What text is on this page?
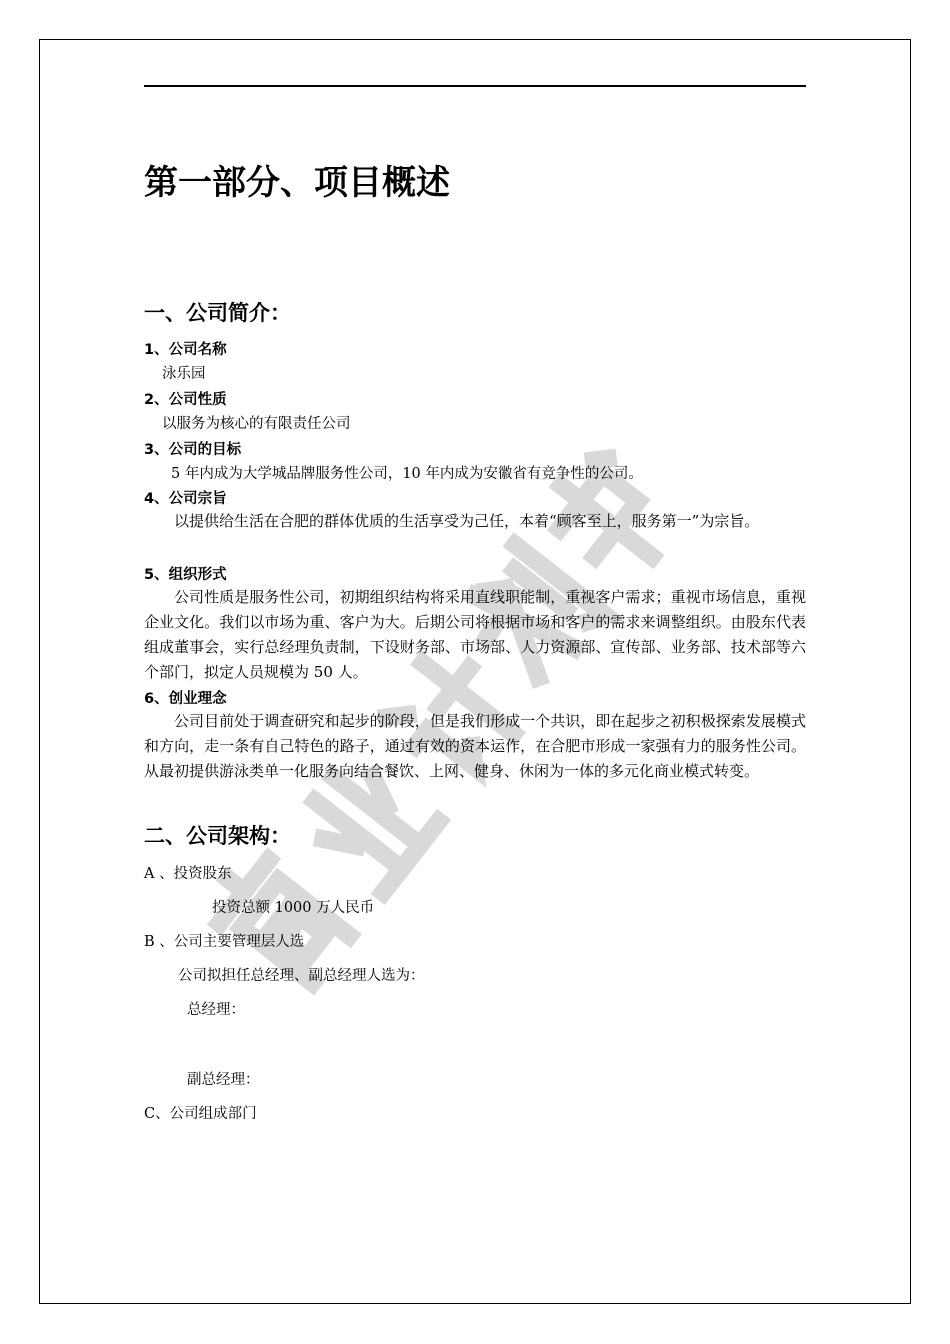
第一部分、项目概述
一、公司简介：
1、公司名称
泳乐园
2、公司性质
以服务为核心的有限责任公司
3、公司的目标
5 年内成为大学城品牌服务性公司，10 年内成为安徽省有竞争性的公司。
4、公司宗旨
以提供给生活在合肥的群体优质的生活享受为己任，本着“顾客至上，服务第一”为宗旨。
5、组织形式
公司性质是服务性公司，初期组织结构将采用直线职能制，重视客户需求；重视市场信息，重视企业文化。我们以市场为重、客户为大。后期公司将根据市场和客户的需求来调整组织。由股东代表组成董事会，实行总经理负责制，下设财务部、市场部、人力资源部、宣传部、业务部、技术部等六个部门，拟定人员规模为 50 人。
6、创业理念
公司目前处于调查研究和起步的阶段，但是我们形成一个共识，即在起步之初积极探索发展模式和方向，走一条有自己特色的路子，通过有效的资本运作，在合肥市形成一家强有力的服务性公司。从最初提供游泳类单一化服务向结合餐饮、上网、健身、休闲为一体的多元化商业模式转变。
二、公司架构：
A 、投资股东
投资总额 1000 万人民币
B 、公司主要管理层人选
公司拟担任总经理、副总经理人选为：
总经理：
副总经理：
C、公司组成部门
